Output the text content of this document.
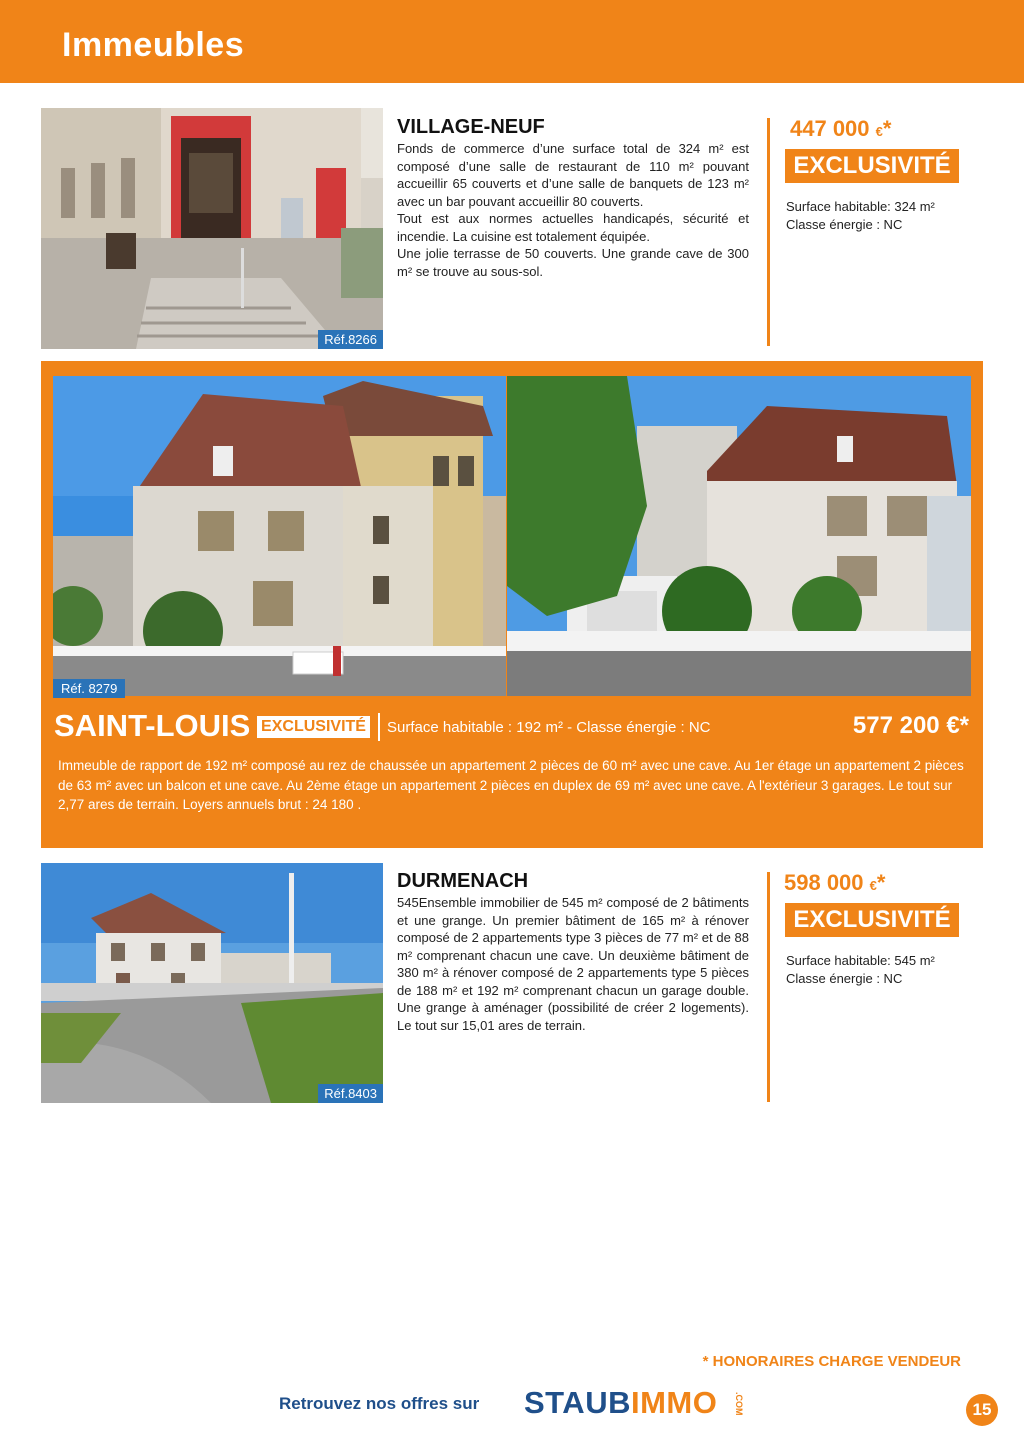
Immeubles
Réf.8266
VILLAGE-NEUF
Fonds de commerce d’une surface total de 324 m² est composé d’une salle de restaurant de 110 m² pouvant accueillir 65 couverts et d’une salle de banquets de 123 m² avec un bar pouvant accueillir 80 couverts.
Tout est aux normes actuelles handicapés, sécurité et incendie. La cuisine est totalement équipée.
Une jolie terrasse de 50 couverts. Une grande cave de 300 m² se trouve au sous-sol.
447 000 €*
EXCLUSIVITÉ
Surface habitable: 324 m²
Classe énergie : NC
Réf. 8279
SAINT-LOUIS EXCLUSIVITÉ Surface habitable : 192 m² - Classe énergie : NC	577 200 €*
Immeuble de rapport de 192 m² composé au rez de chaussée un appartement 2 pièces de 60 m² avec une cave. Au 1er étage un appartement 2 pièces de 63 m² avec un balcon et une cave. Au 2ème étage un appartement 2 pièces en duplex de 69 m² avec une cave. A l'extérieur 3 garages. Le tout sur 2,77 ares de terrain. Loyers annuels brut : 24 180 .
Réf.8403
DURMENACH
545Ensemble immobilier de 545 m² composé de 2 bâtiments et une grange. Un premier bâtiment de 165 m² à rénover composé de 2 appartements type 3 pièces de 77 m² et de 88 m² comprenant chacun une cave. Un deuxième bâtiment de 380 m² à rénover composé de 2 appartements type 5 pièces de 188 m² et 192 m² comprenant chacun un garage double. Une grange à aménager (possibilité de créer 2 logements). Le tout sur 15,01 ares de terrain.
598 000 €*
EXCLUSIVITÉ
Surface habitable: 545 m²
Classe énergie : NC
* HONORAIRES CHARGE VENDEUR
Retrouvez nos offres sur STAUBIMMO .COM	15
